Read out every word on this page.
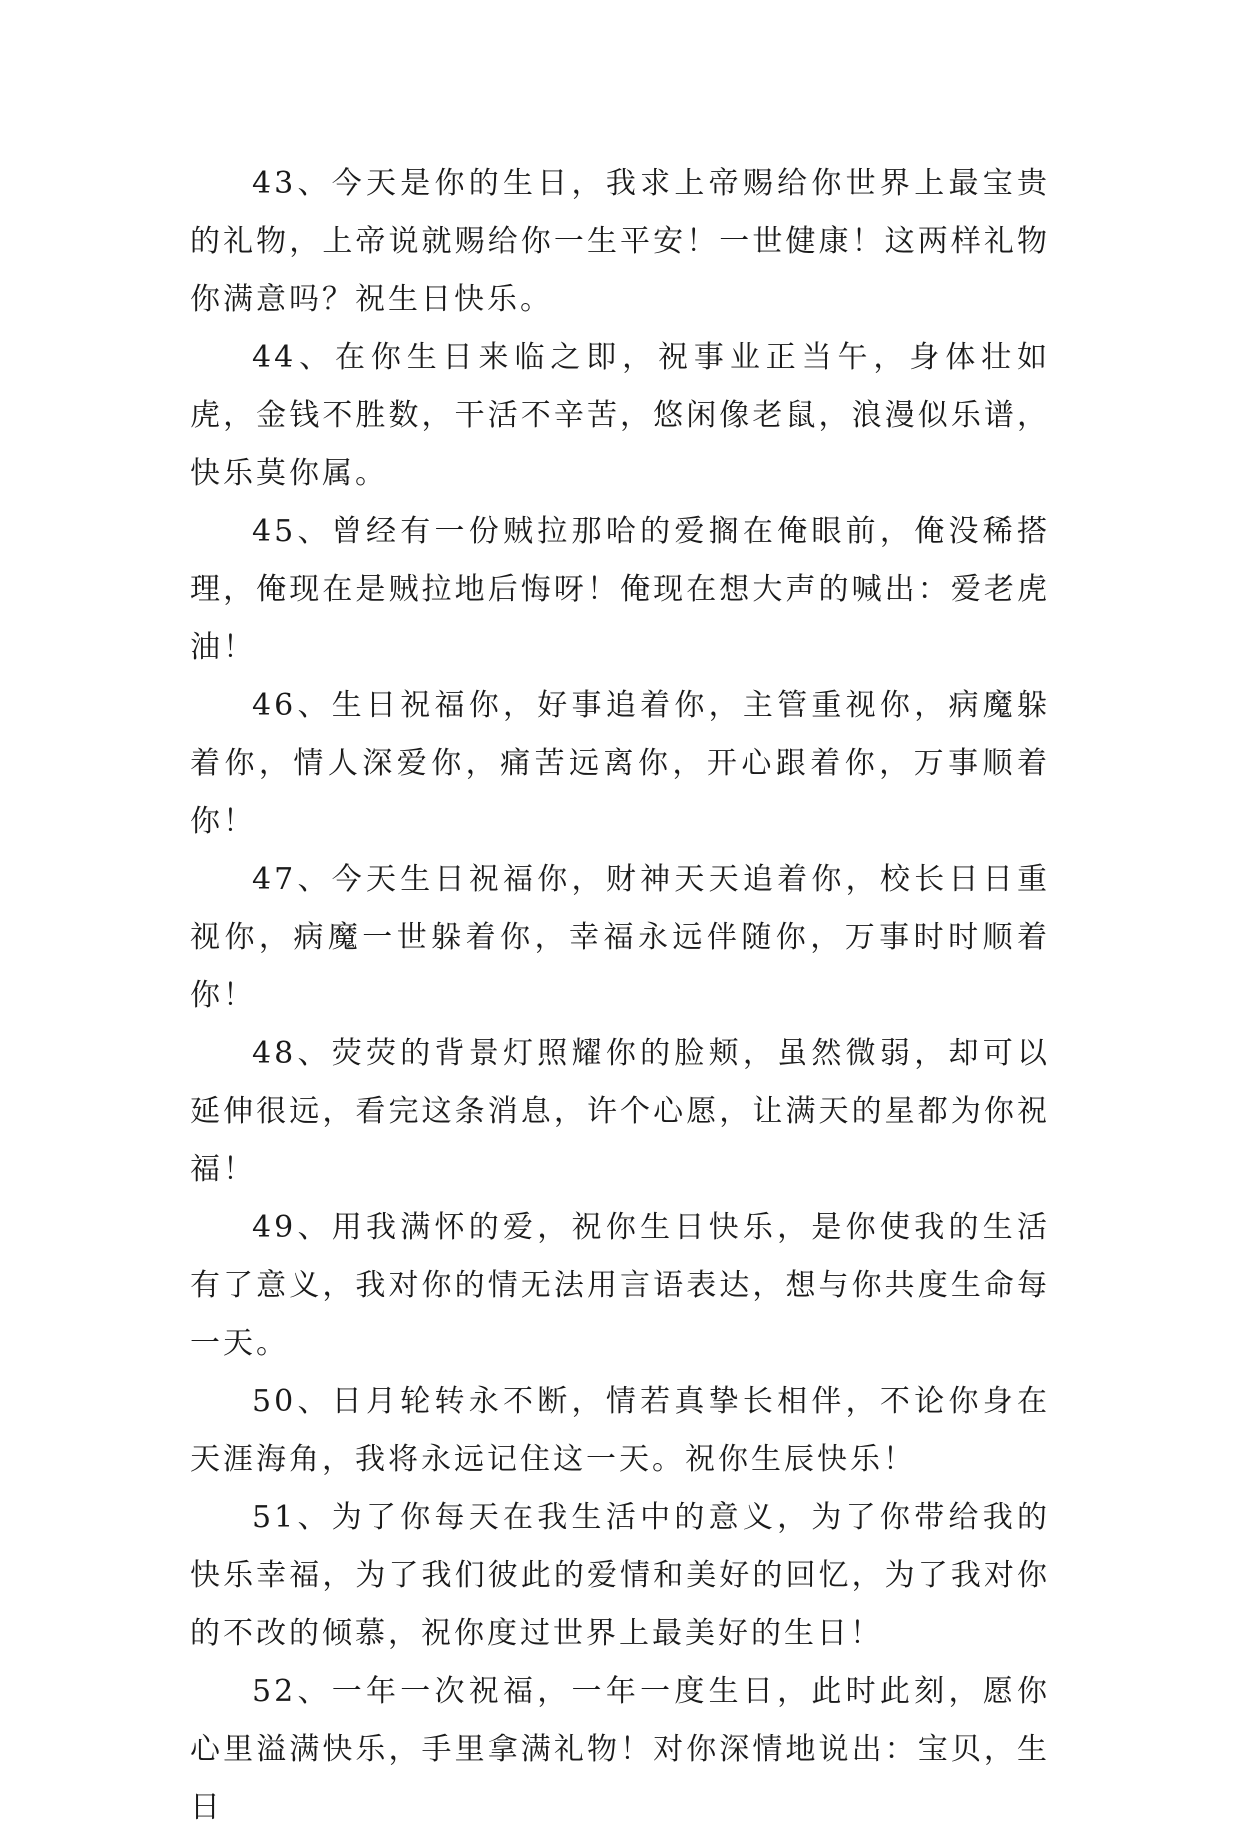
43、今天是你的生日，我求上帝赐给你世界上最宝贵的礼物，上帝说就赐给你一生平安！一世健康！这两样礼物你满意吗？祝生日快乐。

44、在你生日来临之即，祝事业正当午，身体壮如虎，金钱不胜数，干活不辛苦，悠闲像老鼠，浪漫似乐谱，快乐莫你属。

45、曾经有一份贼拉那哈的爱搁在俺眼前，俺没稀搭理，俺现在是贼拉地后悔呀！俺现在想大声的喊出：爱老虎油！

46、生日祝福你，好事追着你，主管重视你，病魔躲着你，情人深爱你，痛苦远离你，开心跟着你，万事顺着你！

47、今天生日祝福你，财神天天追着你，校长日日重视你，病魔一世躲着你，幸福永远伴随你，万事时时顺着你！

48、荧荧的背景灯照耀你的脸颊，虽然微弱，却可以延伸很远，看完这条消息，许个心愿，让满天的星都为你祝福！

49、用我满怀的爱，祝你生日快乐，是你使我的生活有了意义，我对你的情无法用言语表达，想与你共度生命每一天。

50、日月轮转永不断，情若真挚长相伴，不论你身在天涯海角，我将永远记住这一天。祝你生辰快乐！

51、为了你每天在我生活中的意义，为了你带给我的快乐幸福，为了我们彼此的爱情和美好的回忆，为了我对你的不改的倾慕，祝你度过世界上最美好的生日！

52、一年一次祝福，一年一度生日，此时此刻，愿你心里溢满快乐，手里拿满礼物！对你深情地说出：宝贝，生日
